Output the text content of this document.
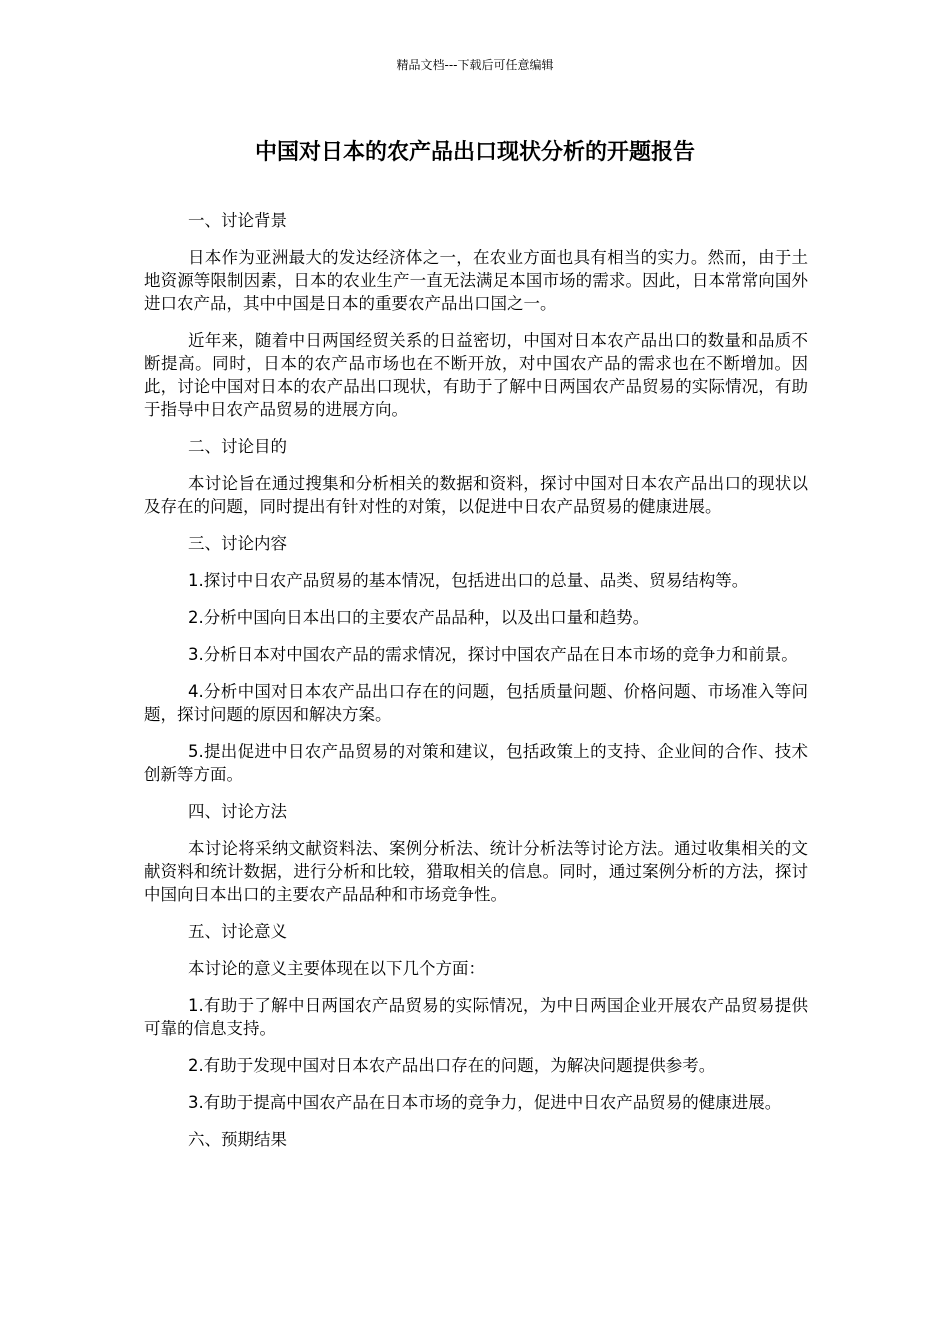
精品文档---下载后可任意编辑
中国对日本的农产品出口现状分析的开题报告

一、讨论背景

日本作为亚洲最大的发达经济体之一，在农业方面也具有相当的实力。然而，由于土地资源等限制因素，日本的农业生产一直无法满足本国市场的需求。因此，日本常常向国外进口农产品，其中中国是日本的重要农产品出口国之一。

近年来，随着中日两国经贸关系的日益密切，中国对日本农产品出口的数量和品质不断提高。同时，日本的农产品市场也在不断开放，对中国农产品的需求也在不断增加。因此，讨论中国对日本的农产品出口现状，有助于了解中日两国农产品贸易的实际情况，有助于指导中日农产品贸易的进展方向。

二、讨论目的

本讨论旨在通过搜集和分析相关的数据和资料，探讨中国对日本农产品出口的现状以及存在的问题，同时提出有针对性的对策，以促进中日农产品贸易的健康进展。

三、讨论内容

1.探讨中日农产品贸易的基本情况，包括进出口的总量、品类、贸易结构等。

2.分析中国向日本出口的主要农产品品种，以及出口量和趋势。

3.分析日本对中国农产品的需求情况，探讨中国农产品在日本市场的竞争力和前景。

4.分析中国对日本农产品出口存在的问题，包括质量问题、价格问题、市场准入等问题，探讨问题的原因和解决方案。

5.提出促进中日农产品贸易的对策和建议，包括政策上的支持、企业间的合作、技术创新等方面。

四、讨论方法

本讨论将采纳文献资料法、案例分析法、统计分析法等讨论方法。通过收集相关的文献资料和统计数据，进行分析和比较，猎取相关的信息。同时，通过案例分析的方法，探讨中国向日本出口的主要农产品品种和市场竞争性。

五、讨论意义

本讨论的意义主要体现在以下几个方面：

1.有助于了解中日两国农产品贸易的实际情况，为中日两国企业开展农产品贸易提供可靠的信息支持。

2.有助于发现中国对日本农产品出口存在的问题，为解决问题提供参考。

3.有助于提高中国农产品在日本市场的竞争力，促进中日农产品贸易的健康进展。

六、预期结果
